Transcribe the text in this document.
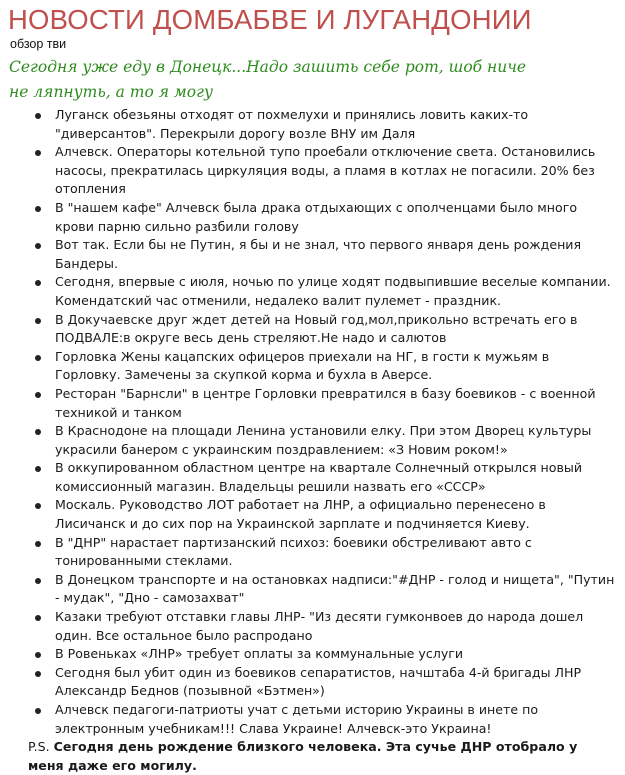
НОВОСТИ ДОМБАБВЕ И ЛУГАНДОНИИ
обзор тви
Сегодня уже еду в Донецк...Надо зашить себе рот, шоб ниче не ляпнуть, а то я могу
Луганск обезьяны отходят от похмелухи и принялись ловить каких-то "диверсантов". Перекрыли дорогу возле ВНУ им Даля
Алчевск. Операторы котельной тупо проебали отключение света. Остановились насосы, прекратилась циркуляция воды, а пламя в котлах не погасили. 20% без отопления
В "нашем кафе" Алчевск была драка отдыхающих с ополченцами было много крови парню сильно разбили голову
Вот так. Если бы не Путин, я бы и не знал, что первого января день рождения Бандеры.
Сегодня, впервые с июля, ночью по улице ходят подвыпившие веселые компании. Комендатский час отменили, недалеко валит пулемет - праздник.
В Докучаевске друг ждет детей на Новый год,мол,прикольно встречать его в ПОДВАЛЕ:в округе весь день стреляют.Не надо и салютов
Горловка Жены кацапских офицеров приехали на НГ, в гости к мужьям в Горловку. Замечены за скупкой корма и бухла в Аверсе.
Ресторан "Барнсли" в центре Горловки превратился в базу боевиков - с военной техникой и танком
В Краснодоне на площади Ленина установили елку. При этом Дворец культуры украсили банером с украинским поздравлением: «З Новим роком!»
В оккупированном областном центре на квартале Солнечный открылся новый комиссионный магазин. Владельцы решили назвать его «СССР»
Москаль. Руководство ЛОТ работает на ЛНР, а официально перенесено в Лисичанск и до сих пор на Украинской зарплате и подчиняется Киеву.
В "ДНР" нарастает партизанский психоз: боевики обстреливают авто с тонированными стеклами.
В Донецком транспорте и на остановках надписи:"#ДНР - голод и нищета", "Путин - мудак", "Дно - самозахват"
Казаки требуют отставки главы ЛНР- "Из десяти гумконвоев до народа дошел один. Все остальное было распродано
В Ровеньках «ЛНР» требует оплаты за коммунальные услуги
Сегодня был убит один из боевиков сепаратистов, начштаба 4-й бригады ЛНР Александр Беднов (позывной «Бэтмен»)
Алчевск педагоги-патриоты учат с детьми историю Украины в инете по электронным учебникам!!! Слава Украине! Алчевск-это Украина!
P.S. Сегодня день рождение близкого человека. Эта сучье ДНР отобрало у меня даже его могилу.
